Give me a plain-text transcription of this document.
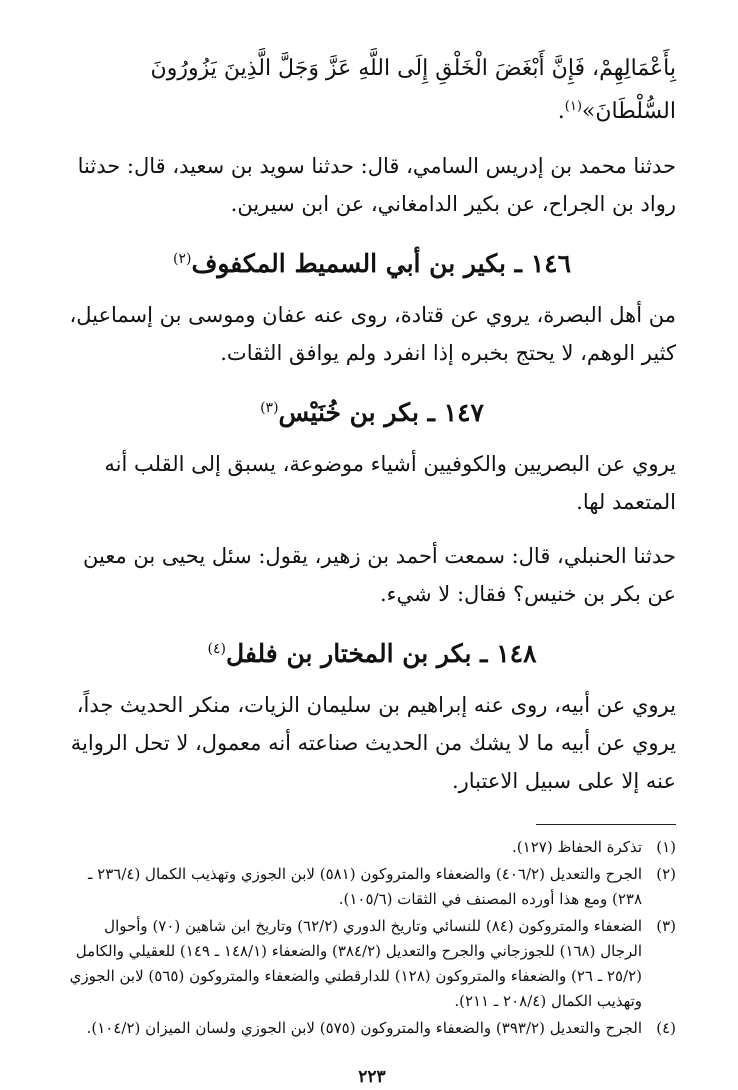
بِأَعْمَالِهِمْ، فَإِنَّ أَبْغَضَ الْخَلْقِ إِلَى اللَّهِ عَزَّ وَجَلَّ الَّذِينَ يَزُورُونَ السُّلْطَانَ»$^{(١)}$.

حدثنا محمد بن إدريس السامي، قال: حدثنا سويد بن سعيد، قال: حدثنا رواد بن الجراح، عن بكير الدامغاني، عن ابن سيرين.

١٤٦ ـ بكير بن أبي السميط المكفوف$^{(٢)}$

من أهل البصرة، يروي عن قتادة، روى عنه عفان وموسى بن إسماعيل، كثير الوهم، لا يحتج بخبره إذا انفرد ولم يوافق الثقات.

١٤٧ ـ بكر بن خُنَيْس$^{(٣)}$

يروي عن البصريين والكوفيين أشياء موضوعة، يسبق إلى القلب أنه المتعمد لها.

حدثنا الحنبلي، قال: سمعت أحمد بن زهير، يقول: سئل يحيى بن معين عن بكر بن خنيس؟ فقال: لا شيء.

١٤٨ ـ بكر بن المختار بن فلفل$^{(٤)}$

يروي عن أبيه، روى عنه إبراهيم بن سليمان الزيات، منكر الحديث جداً، يروي عن أبيه ما لا يشك من الحديث صناعته أنه معمول، لا تحل الرواية عنه إلا على سبيل الاعتبار.

(١)
تذكرة الحفاظ (١٢٧).
(٢)
الجرح والتعديل (٤٠٦/٢) والضعفاء والمتروكون (٥٨١) لابن الجوزي وتهذيب الكمال (٢٣٦/٤ ـ ٢٣٨) ومع هذا أورده المصنف في الثقات (١٠٥/٦).
(٣)
الضعفاء والمتروكون (٨٤) للنسائي وتاريخ الدوري (٦٢/٢) وتاريخ ابن شاهين (٧٠) وأحوال الرجال (١٦٨) للجوزجاني والجرح والتعديل (٣٨٤/٢) والضعفاء (١٤٨/١ ـ ١٤٩) للعقيلي والكامل (٢٥/٢ ـ ٢٦) والضعفاء والمتروكون (١٢٨) للدارقطني والضعفاء والمتروكون (٥٦٥) لابن الجوزي وتهذيب الكمال (٢٠٨/٤ ـ ٢١١).
(٤)
الجرح والتعديل (٣٩٣/٢) والضعفاء والمتروكون (٥٧٥) لابن الجوزي ولسان الميزان (١٠٤/٢).
٢٢٣
